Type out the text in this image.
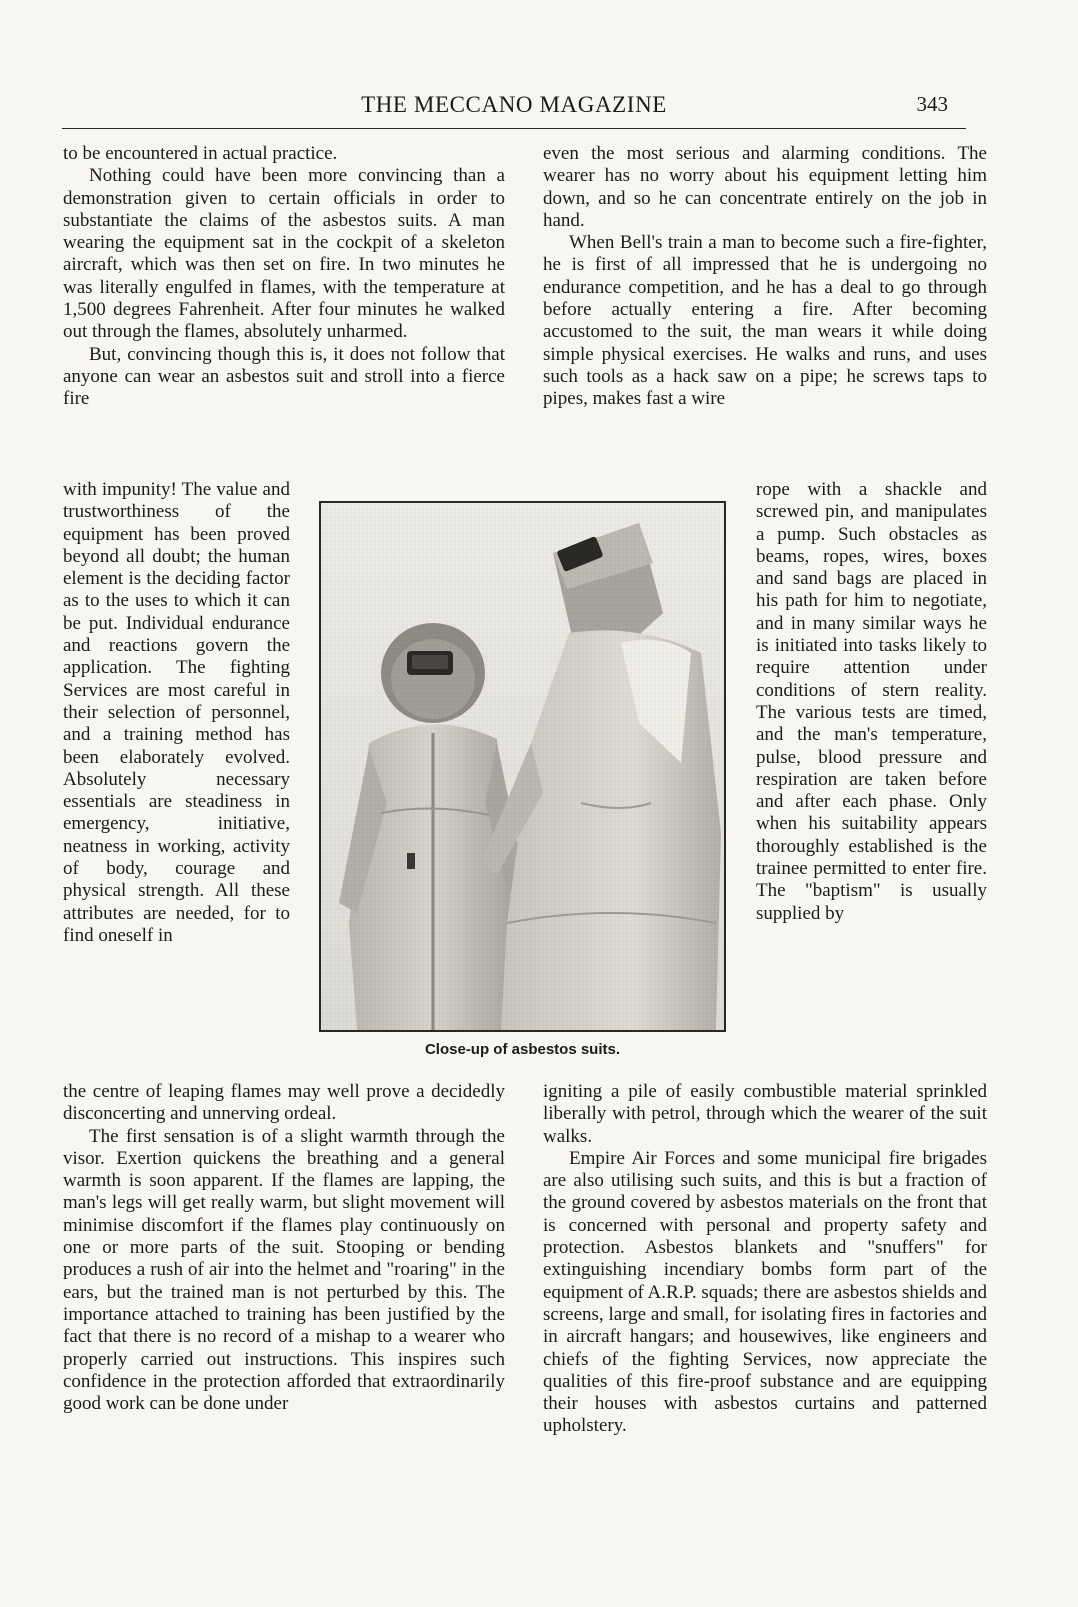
THE MECCANO MAGAZINE	343

to be encountered in actual practice.

Nothing could have been more convincing than a demonstration given to certain officials in order to substantiate the claims of the asbestos suits. A man wearing the equipment sat in the cockpit of a skeleton aircraft, which was then set on fire. In two minutes he was literally engulfed in flames, with the temperature at 1,500 degrees Fahrenheit. After four minutes he walked out through the flames, absolutely unharmed.

But, convincing though this is, it does not follow that anyone can wear an asbestos suit and stroll into a fierce fire

with impunity! The value and trustworthiness of the equipment has been proved beyond all doubt; the human element is the deciding factor as to the uses to which it can be put. Individual endurance and reactions govern the application. The fighting Services are most careful in their selection of personnel, and a training method has been elaborately evolved. Absolutely necessary essentials are steadiness in emergency, initiative, neatness in working, activity of body, courage and physical strength. All these attributes are needed, for to find oneself in

the centre of leaping flames may well prove a decidedly disconcerting and unnerving ordeal.

The first sensation is of a slight warmth through the visor. Exertion quickens the breathing and a general warmth is soon apparent. If the flames are lapping, the man's legs will get really warm, but slight movement will minimise discomfort if the flames play continuously on one or more parts of the suit. Stooping or bending produces a rush of air into the helmet and "roaring" in the ears, but the trained man is not perturbed by this. The importance attached to training has been justified by the fact that there is no record of a mishap to a wearer who properly carried out instructions. This inspires such confidence in the protection afforded that extraordinarily good work can be done under

even the most serious and alarming conditions. The wearer has no worry about his equipment letting him down, and so he can concentrate entirely on the job in hand.

When Bell's train a man to become such a fire-fighter, he is first of all impressed that he is undergoing no endurance competition, and he has a deal to go through before actually entering a fire. After becoming accustomed to the suit, the man wears it while doing simple physical exercises. He walks and runs, and uses such tools as a hack saw on a pipe; he screws taps to pipes, makes fast a wire

rope with a shackle and screwed pin, and manipulates a pump. Such obstacles as beams, ropes, wires, boxes and sand bags are placed in his path for him to negotiate, and in many similar ways he is initiated into tasks likely to require attention under conditions of stern reality. The various tests are timed, and the man's temperature, pulse, blood pressure and respiration are taken before and after each phase. Only when his suitability appears thoroughly established is the trainee permitted to enter fire. The "baptism" is usually supplied by

igniting a pile of easily combustible material sprinkled liberally with petrol, through which the wearer of the suit walks.

Empire Air Forces and some municipal fire brigades are also utilising such suits, and this is but a fraction of the ground covered by asbestos materials on the front that is concerned with personal and property safety and protection. Asbestos blankets and "snuffers" for extinguishing incendiary bombs form part of the equipment of A.R.P. squads; there are asbestos shields and screens, large and small, for isolating fires in factories and in aircraft hangars; and housewives, like engineers and chiefs of the fighting Services, now appreciate the qualities of this fire-proof substance and are equipping their houses with asbestos curtains and patterned upholstery.

Close-up of asbestos suits.
